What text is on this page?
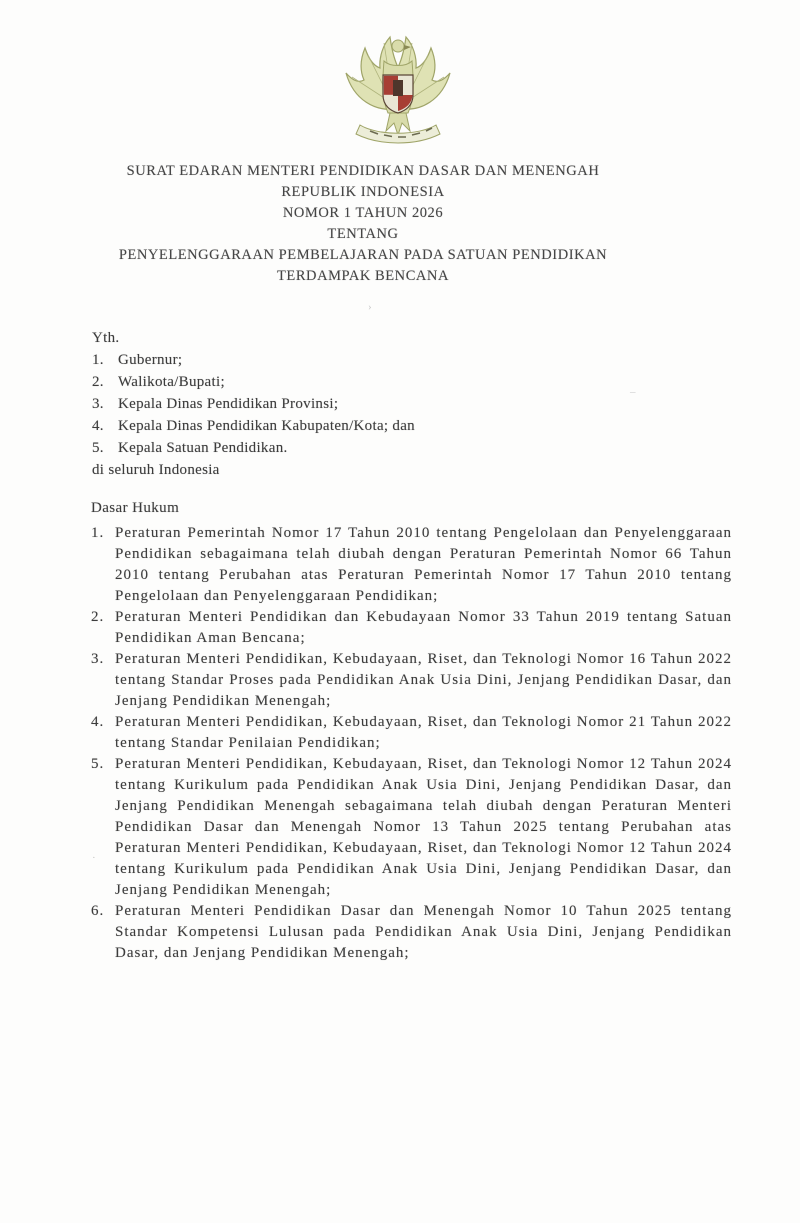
SURAT EDARAN MENTERI PENDIDIKAN DASAR DAN MENENGAH
REPUBLIK INDONESIA
NOMOR 1 TAHUN 2026
TENTANG
PENYELENGGARAAN PEMBELAJARAN PADA SATUAN PENDIDIKAN
TERDAMPAK BENCANA
Yth.
1. Gubernur;
2. Walikota/Bupati;
3. Kepala Dinas Pendidikan Provinsi;
4. Kepala Dinas Pendidikan Kabupaten/Kota; dan
5. Kepala Satuan Pendidikan.
di seluruh Indonesia
Dasar Hukum
1. Peraturan Pemerintah Nomor 17 Tahun 2010 tentang Pengelolaan dan Penyelenggaraan Pendidikan sebagaimana telah diubah dengan Peraturan Pemerintah Nomor 66 Tahun 2010 tentang Perubahan atas Peraturan Pemerintah Nomor 17 Tahun 2010 tentang Pengelolaan dan Penyelenggaraan Pendidikan;
2. Peraturan Menteri Pendidikan dan Kebudayaan Nomor 33 Tahun 2019 tentang Satuan Pendidikan Aman Bencana;
3. Peraturan Menteri Pendidikan, Kebudayaan, Riset, dan Teknologi Nomor 16 Tahun 2022 tentang Standar Proses pada Pendidikan Anak Usia Dini, Jenjang Pendidikan Dasar, dan Jenjang Pendidikan Menengah;
4. Peraturan Menteri Pendidikan, Kebudayaan, Riset, dan Teknologi Nomor 21 Tahun 2022 tentang Standar Penilaian Pendidikan;
5. Peraturan Menteri Pendidikan, Kebudayaan, Riset, dan Teknologi Nomor 12 Tahun 2024 tentang Kurikulum pada Pendidikan Anak Usia Dini, Jenjang Pendidikan Dasar, dan Jenjang Pendidikan Menengah sebagaimana telah diubah dengan Peraturan Menteri Pendidikan Dasar dan Menengah Nomor 13 Tahun 2025 tentang Perubahan atas Peraturan Menteri Pendidikan, Kebudayaan, Riset, dan Teknologi Nomor 12 Tahun 2024 tentang Kurikulum pada Pendidikan Anak Usia Dini, Jenjang Pendidikan Dasar, dan Jenjang Pendidikan Menengah;
6. Peraturan Menteri Pendidikan Dasar dan Menengah Nomor 10 Tahun 2025 tentang Standar Kompetensi Lulusan pada Pendidikan Anak Usia Dini, Jenjang Pendidikan Dasar, dan Jenjang Pendidikan Menengah;
›
·
–
